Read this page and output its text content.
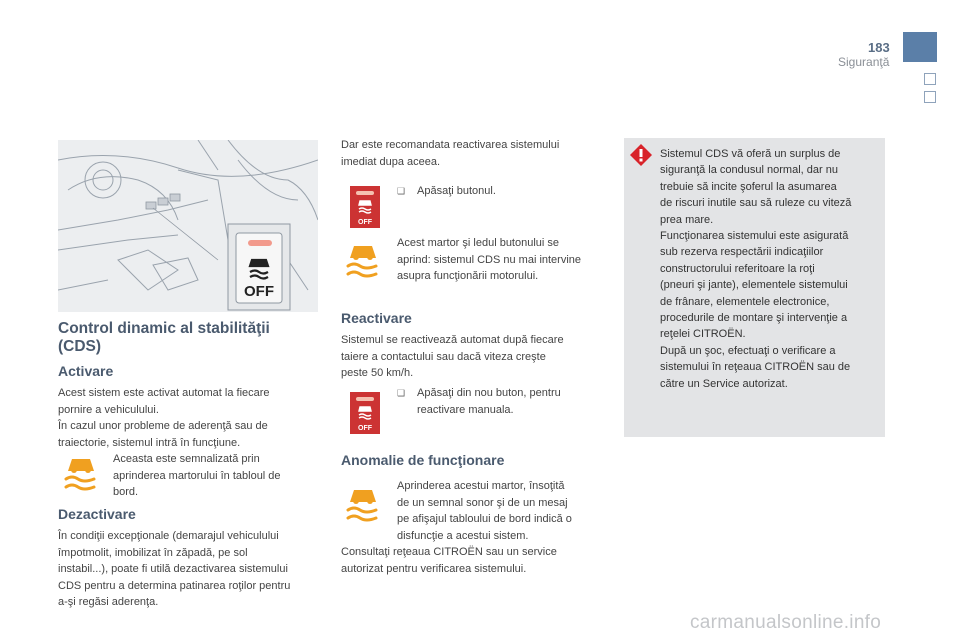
183
Siguranţă
OFF
Control dinamic al stabilităţii
(CDS)
Activare
Acest sistem este activat automat la fiecare
pornire a vehiculului.
În cazul unor probleme de aderenţă sau de
traiectorie, sistemul intră în funcţiune.
Aceasta este semnalizată prin
aprinderea martorului în tabloul de
bord.
Dezactivare
În condiţii excepţionale (demarajul vehiculului
împotmolit, imobilizat în zăpadă, pe sol
instabil...), poate fi utilă dezactivarea sistemului
CDS pentru a determina patinarea roţilor pentru
a-şi regăsi aderenţa.
Dar este recomandata reactivarea sistemului
imediat dupa aceea.
OFF
❑ Apăsaţi butonul.
Acest martor şi ledul butonului se
aprind: sistemul CDS nu mai intervine
asupra funcţionării motorului.
Reactivare
Sistemul se reactivează automat după fiecare
taiere a contactului sau dacă viteza creşte
peste 50 km/h.
OFF
❑ Apăsaţi din nou buton, pentru
reactivare manuala.
Anomalie de funcţionare
Aprinderea acestui martor, însoţită
de un semnal sonor şi de un mesaj
pe afişajul tabloului de bord indică o
disfuncţie a acestui sistem.
Consultaţi reţeaua CITROËN sau un service
autorizat pentru verificarea sistemului.
Sistemul CDS vă oferă un surplus de
siguranţă la condusul normal, dar nu
trebuie să incite şoferul la asumarea
de riscuri inutile sau să ruleze cu viteză
prea mare.
Funcţionarea sistemului este asigurată
sub rezerva respectării indicaţiilor
constructorului referitoare la roţi
(pneuri şi jante), elementele sistemului
de frânare, elementele electronice,
procedurile de montare şi intervenţie a
reţelei CITROËN.
După un şoc, efectuaţi o verificare a
sistemului în reţeaua CITROËN sau de
către un Service autorizat.
carmanualsonline.info
